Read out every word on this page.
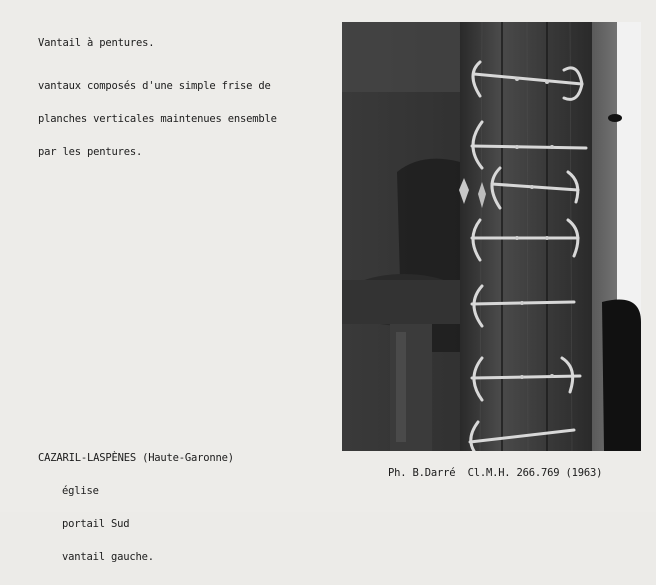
Vantail à pentures.

vantaux composés d'une simple frise de

planches verticales maintenues ensemble

par les pentures.

CAZARIL-LASPÈNES (Haute-Garonne)

église

portail Sud

vantail gauche.

Ph. B.Darré  Cl.M.H. 266.769 (1963)
